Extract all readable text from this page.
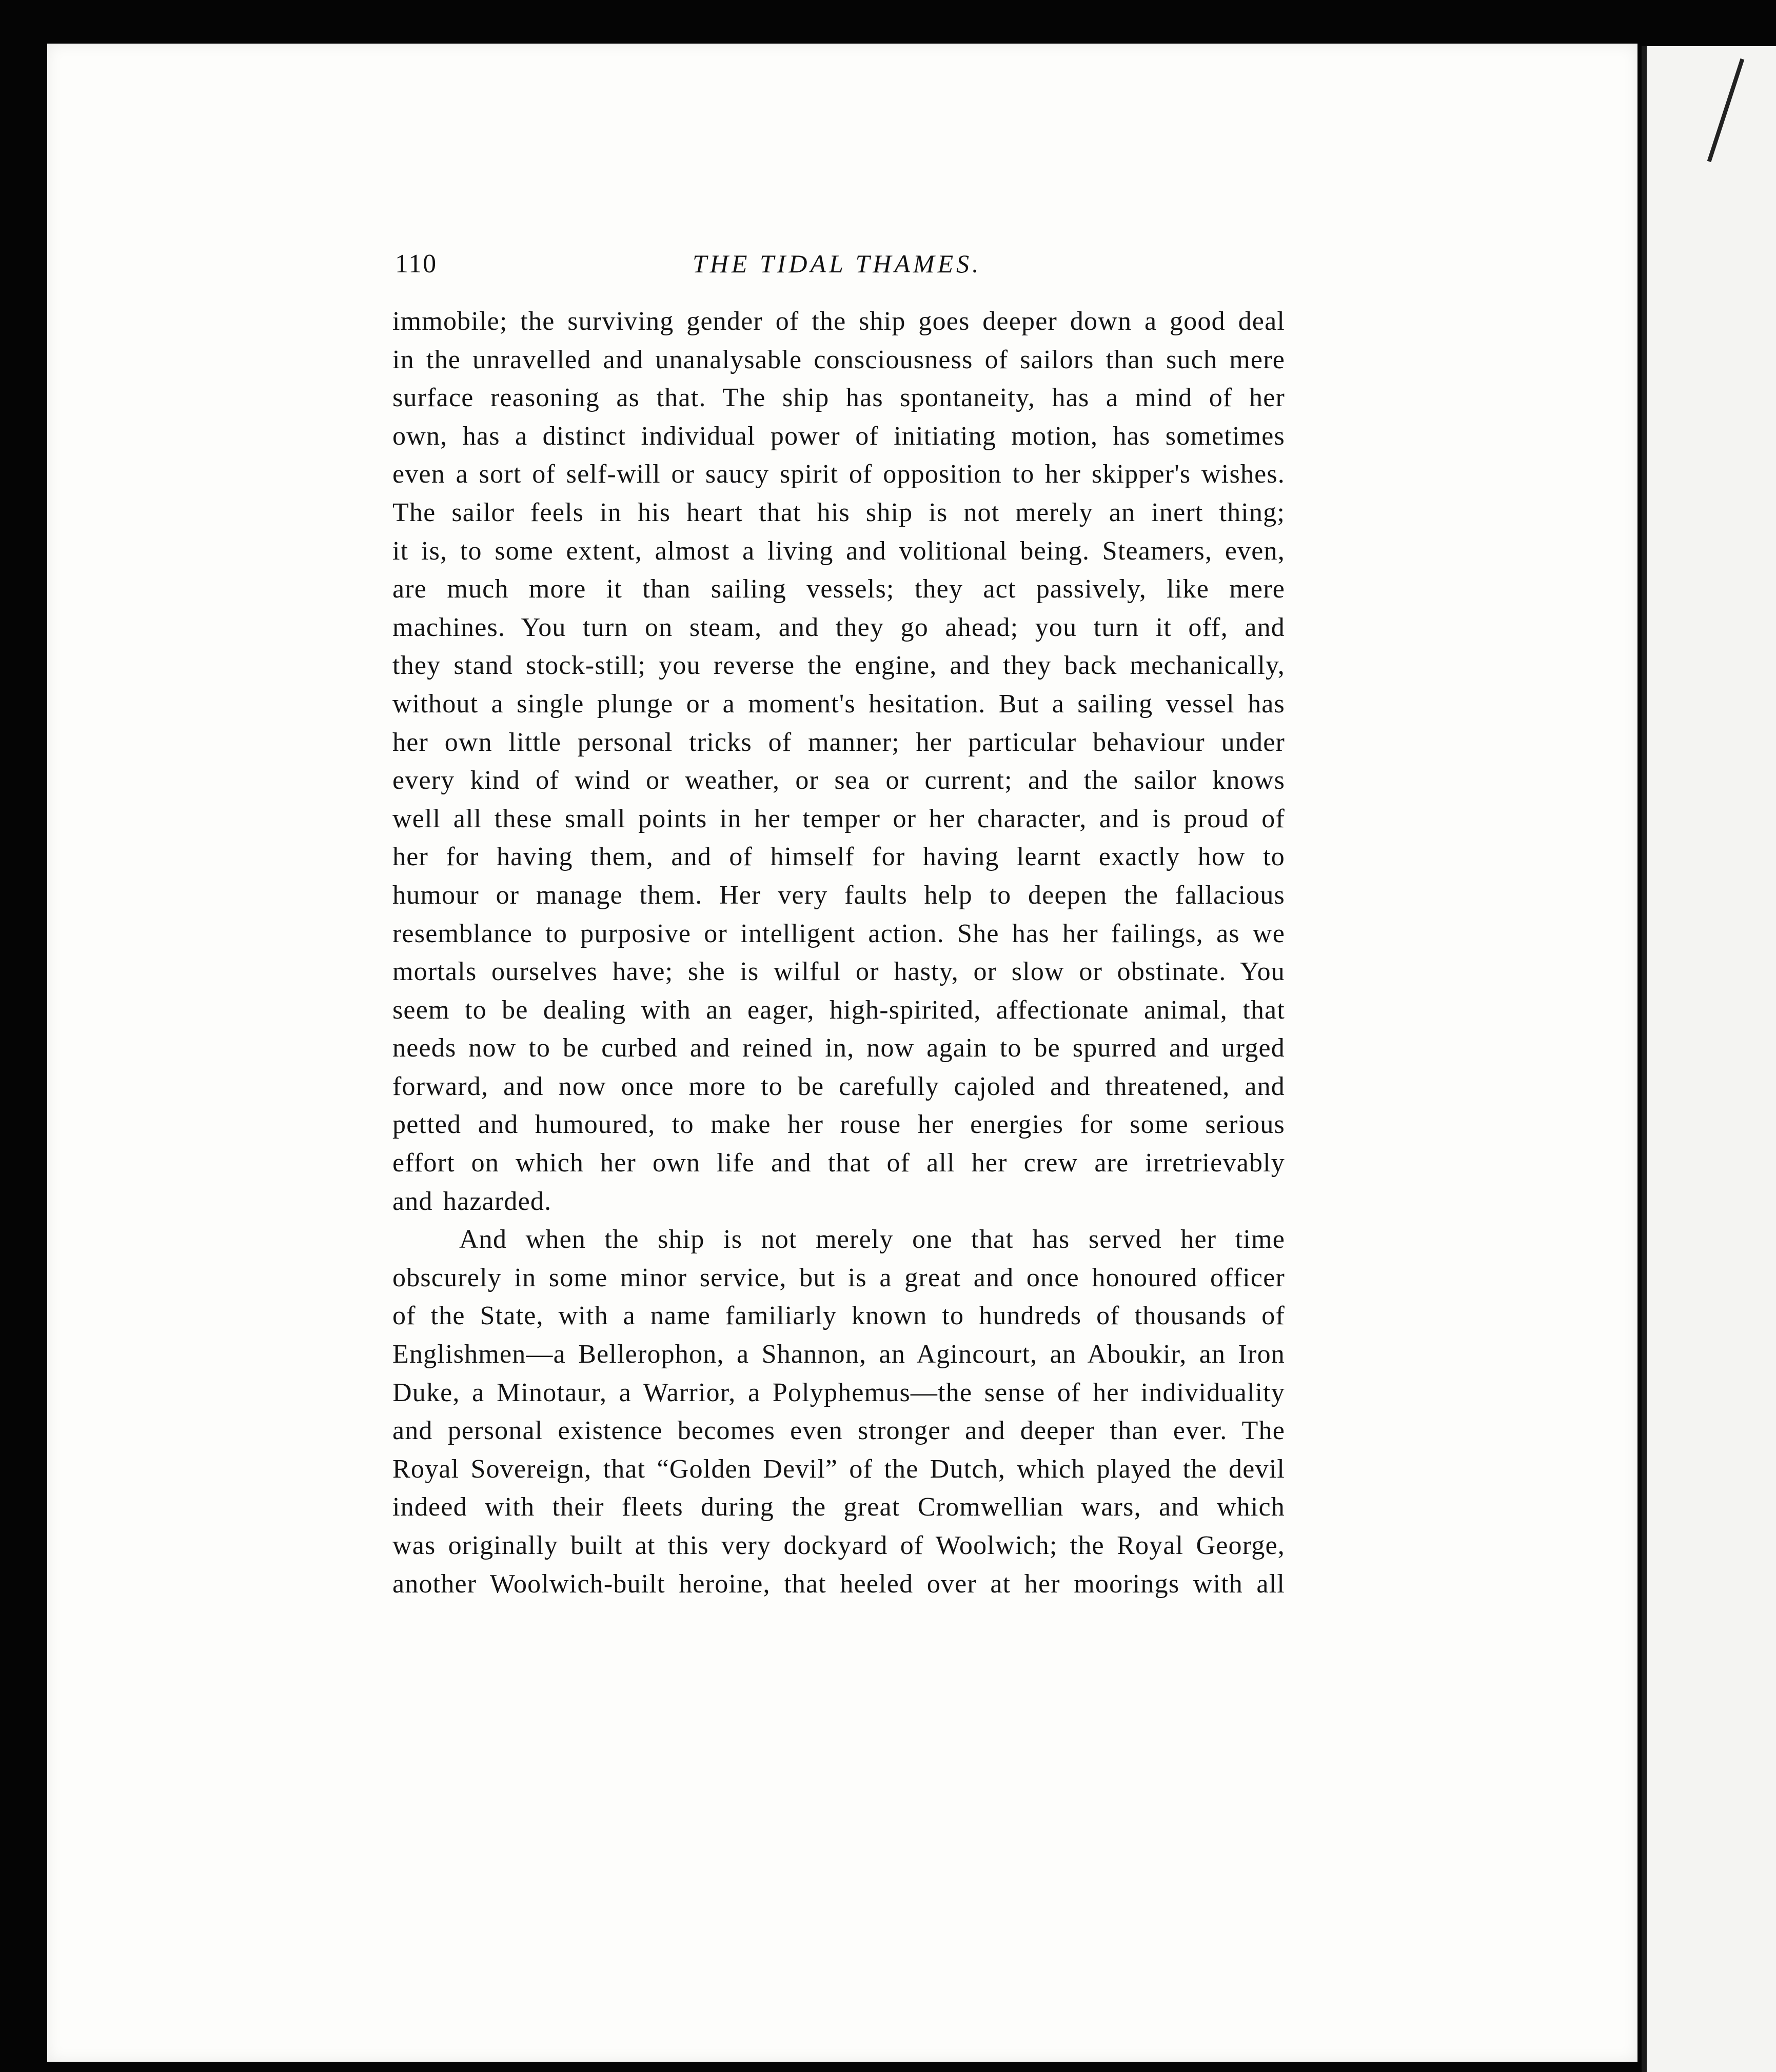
110	THE TIDAL THAMES.

immobile; the surviving gender of the ship goes deeper down a good deal

in the unravelled and unanalysable consciousness of sailors than such mere

surface reasoning as that. The ship has spontaneity, has a mind of her

own, has a distinct individual power of initiating motion, has sometimes

even a sort of self-will or saucy spirit of opposition to her skipper's wishes.

The sailor feels in his heart that his ship is not merely an inert thing;

it is, to some extent, almost a living and volitional being. Steamers, even,

are much more it than sailing vessels; they act passively, like mere

machines. You turn on steam, and they go ahead; you turn it off, and

they stand stock-still; you reverse the engine, and they back mechanically,

without a single plunge or a moment's hesitation. But a sailing vessel has

her own little personal tricks of manner; her particular behaviour under

every kind of wind or weather, or sea or current; and the sailor knows

well all these small points in her temper or her character, and is proud of

her for having them, and of himself for having learnt exactly how to

humour or manage them. Her very faults help to deepen the fallacious

resemblance to purposive or intelligent action. She has her failings, as we

mortals ourselves have; she is wilful or hasty, or slow or obstinate. You

seem to be dealing with an eager, high-spirited, affectionate animal, that

needs now to be curbed and reined in, now again to be spurred and urged

forward, and now once more to be carefully cajoled and threatened, and

petted and humoured, to make her rouse her energies for some serious

effort on which her own life and that of all her crew are irretrievably

and hazarded.

And when the ship is not merely one that has served her time

obscurely in some minor service, but is a great and once honoured officer

of the State, with a name familiarly known to hundreds of thousands of

Englishmen—a Bellerophon, a Shannon, an Agincourt, an Aboukir, an Iron

Duke, a Minotaur, a Warrior, a Polyphemus—the sense of her individuality

and personal existence becomes even stronger and deeper than ever. The

Royal Sovereign, that “Golden Devil” of the Dutch, which played the devil

indeed with their fleets during the great Cromwellian wars, and which

was originally built at this very dockyard of Woolwich; the Royal George,

another Woolwich-built heroine, that heeled over at her moorings with all
